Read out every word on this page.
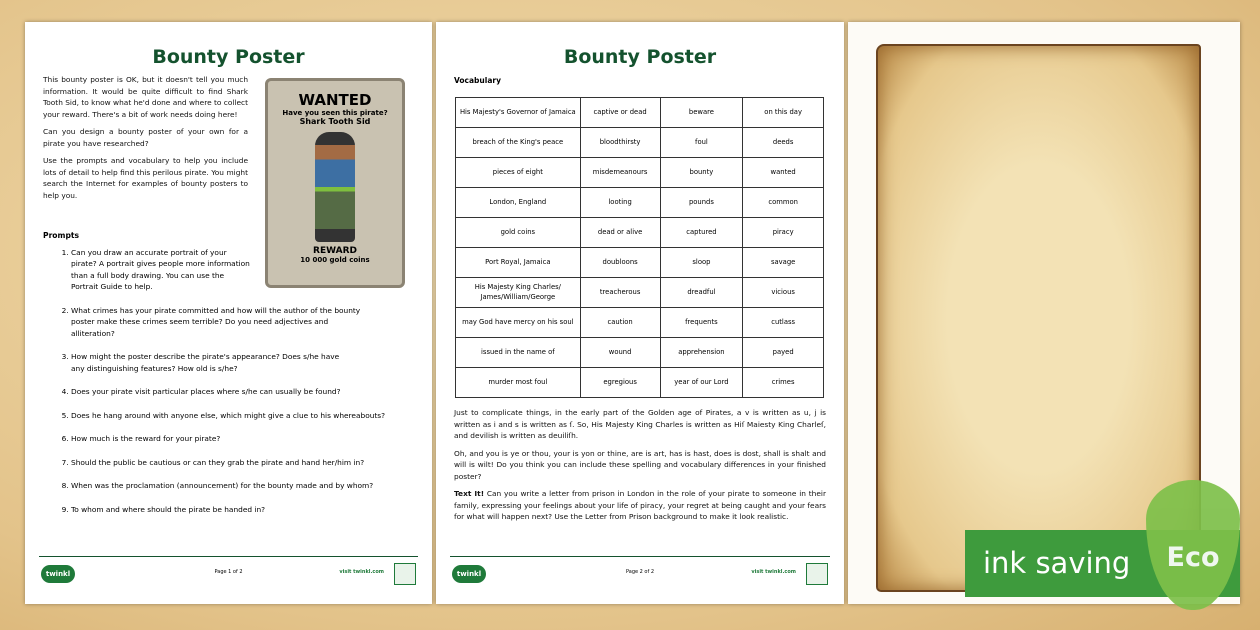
Bounty Poster

This bounty poster is OK, but it doesn't tell you much information. It would be quite difficult to find Shark Tooth Sid, to know what he'd done and where to collect your reward. There's a bit of work needs doing here!

Can you design a bounty poster of your own for a pirate you have researched?

Use the prompts and vocabulary to help you include lots of detail to help find this perilous pirate. You might search the Internet for examples of bounty posters to help you.

WANTED
Have you seen this pirate?
Shark Tooth Sid
REWARD
10 000 gold coins
Prompts
1. Can you draw an accurate portrait of your pirate? A portrait gives people more information than a full body drawing. You can use the Portrait Guide to help.
2. What crimes has your pirate committed and how will the author of the bounty poster make these crimes seem terrible? Do you need adjectives and alliteration?
3. How might the poster describe the pirate's appearance? Does s/he have any distinguishing features? How old is s/he?
4. Does your pirate visit particular places where s/he can usually be found?
5. Does he hang around with anyone else, which might give a clue to his whereabouts?
6. How much is the reward for your pirate?
7. Should the public be cautious or can they grab the pirate and hand her/him in?
8. When was the proclamation (announcement) for the bounty made and by whom?
9. To whom and where should the pirate be handed in?
twinkl	Page 1 of 2	visit twinkl.com
Bounty Poster
Vocabulary
His Majesty's Governor of Jamaica	captive or dead	beware	on this day
breach of the King's peace	bloodthirsty	foul	deeds
pieces of eight	misdemeanours	bounty	wanted
London, England	looting	pounds	common
gold coins	dead or alive	captured	piracy
Port Royal, Jamaica	doubloons	sloop	savage
His Majesty King Charles/ James/William/George	treacherous	dreadful	vicious
may God have mercy on his soul	caution	frequents	cutlass
issued in the name of	wound	apprehension	payed
murder most foul	egregious	year of our Lord	crimes

Just to complicate things, in the early part of the Golden age of Pirates, a v is written as u, j is written as i and s is written as ſ. So, His Majesty King Charles is written as Hiſ Maiesty King Charleſ, and devilish is written as deuiliſh.

Oh, and you is ye or thou, your is yon or thine, are is art, has is hast, does is dost, shall is shalt and will is wilt! Do you think you can include these spelling and vocabulary differences in your finished poster?

Text It! Can you write a letter from prison in London in the role of your pirate to someone in their family, expressing your feelings about your life of piracy, your regret at being caught and your fears for what will happen next? Use the Letter from Prison background to make it look realistic.

twinkl	Page 2 of 2	visit twinkl.com	ink saving	Eco
